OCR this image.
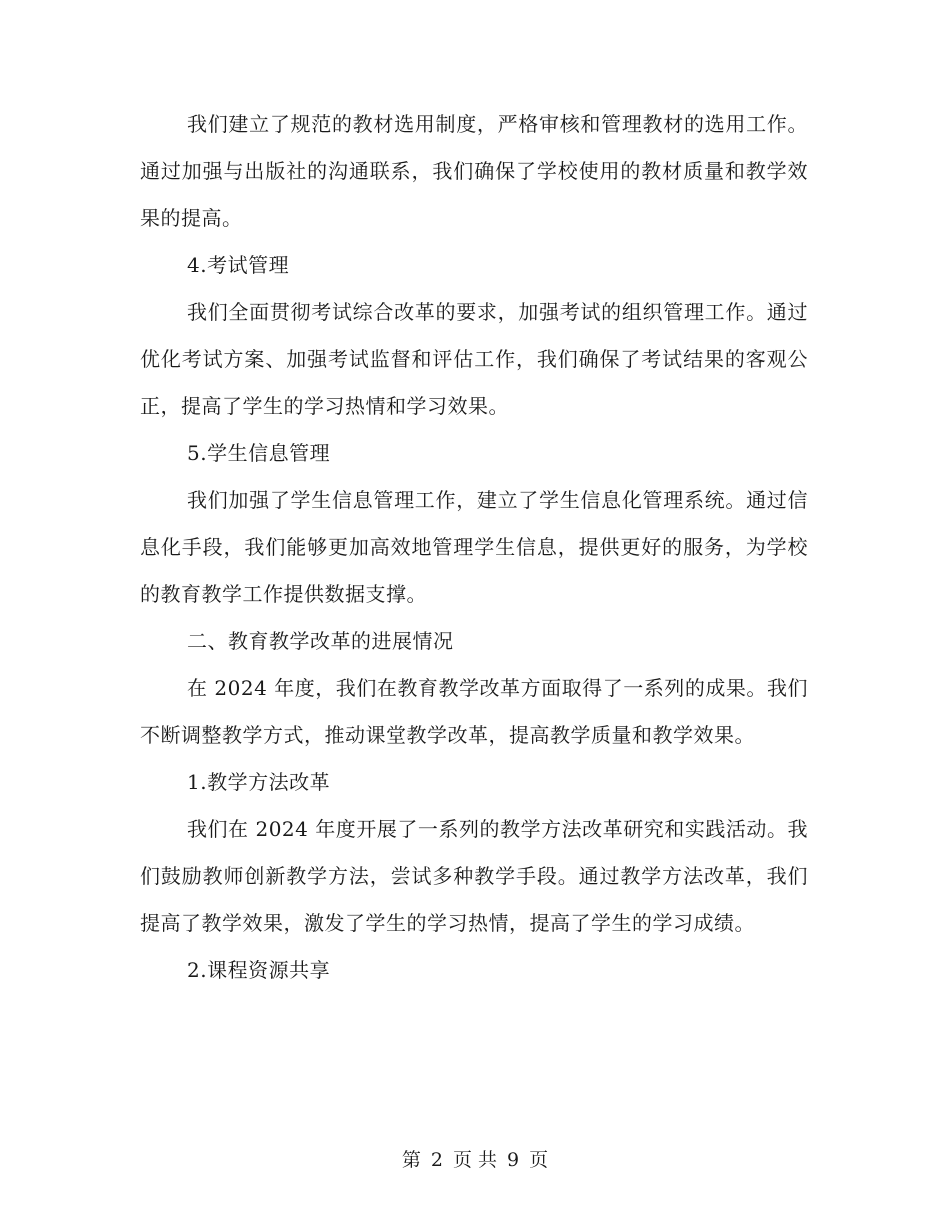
我们建立了规范的教材选用制度，严格审核和管理教材的选用工作。通过加强与出版社的沟通联系，我们确保了学校使用的教材质量和教学效果的提高。

4.考试管理

我们全面贯彻考试综合改革的要求，加强考试的组织管理工作。通过优化考试方案、加强考试监督和评估工作，我们确保了考试结果的客观公正，提高了学生的学习热情和学习效果。

5.学生信息管理

我们加强了学生信息管理工作，建立了学生信息化管理系统。通过信息化手段，我们能够更加高效地管理学生信息，提供更好的服务，为学校的教育教学工作提供数据支撑。

二、教育教学改革的进展情况

在 2024 年度，我们在教育教学改革方面取得了一系列的成果。我们不断调整教学方式，推动课堂教学改革，提高教学质量和教学效果。

1.教学方法改革

我们在 2024 年度开展了一系列的教学方法改革研究和实践活动。我们鼓励教师创新教学方法，尝试多种教学手段。通过教学方法改革，我们提高了教学效果，激发了学生的学习热情，提高了学生的学习成绩。

2.课程资源共享

第 2 页 共 9 页
